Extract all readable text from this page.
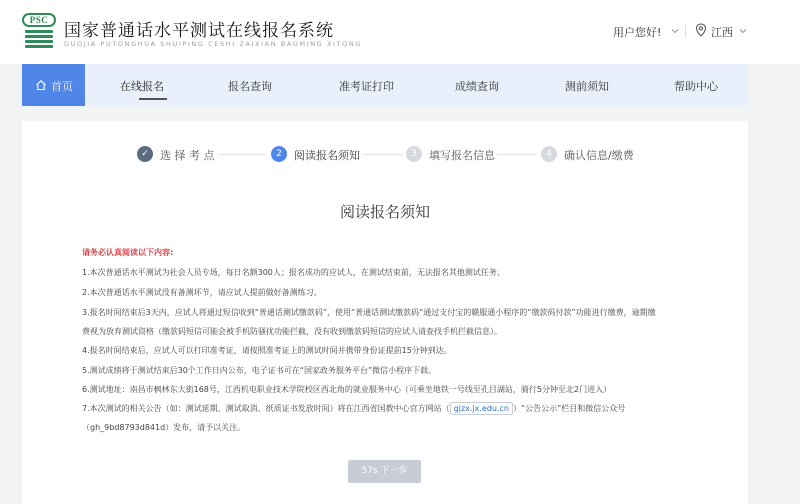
PSC
国家普通话水平测试在线报名系统
GUOJIA PUTONGHUA SHUIPING CESHI ZAIXIAN BAOMING XITONG
用户您好!	江西
首页	在线报名	报名查询	准考证打印	成绩查询	测前须知	帮助中心
✓	选 择 考 点	2	阅读报名须知	3	填写报名信息	4	确认信息/缴费
阅读报名须知
请务必认真阅读以下内容:
1.本次普通话水平测试为社会人员专场，每日名额300人；报名成功的应试人，在测试结束前，无法报名其他测试任务。
2.本次普通话水平测试没有备测环节，请应试人提前做好备测练习。
3.报名时间结束后3天内，应试人将通过短信收到“普通话测试缴款码”，使用“普通话测试缴款码”通过支付宝的赣服通小程序的“缴款码付款”功能进行缴费，逾期缴
费视为放弃测试资格（缴款码短信可能会被手机防骚扰功能拦截，没有收到缴款码短信的应试人请查找手机拦截信息）。
4.报名时间结束后，应试人可以打印准考证，请按照准考证上的测试时间并携带身份证提前15分钟到达。
5.测试成绩将于测试结束后30个工作日内公布，电子证书可在“国家政务服务平台”微信小程序下载。
6.测试地址：南昌市枫林东大街168号，江西机电职业技术学院校区西北角的就业服务中心（可乘坐地铁一号线至孔目湖站，骑行5分钟至北2门进入）
7.本次测试的相关公告（如：测试延期、测试取消、纸质证书发放时间）将在江西省国教中心官方网站（ gjzx.jx.edu.cn ）“公告公示”栏目和微信公众号
（gh_9bd8793d841d）发布，请予以关注。
57s 下一步
